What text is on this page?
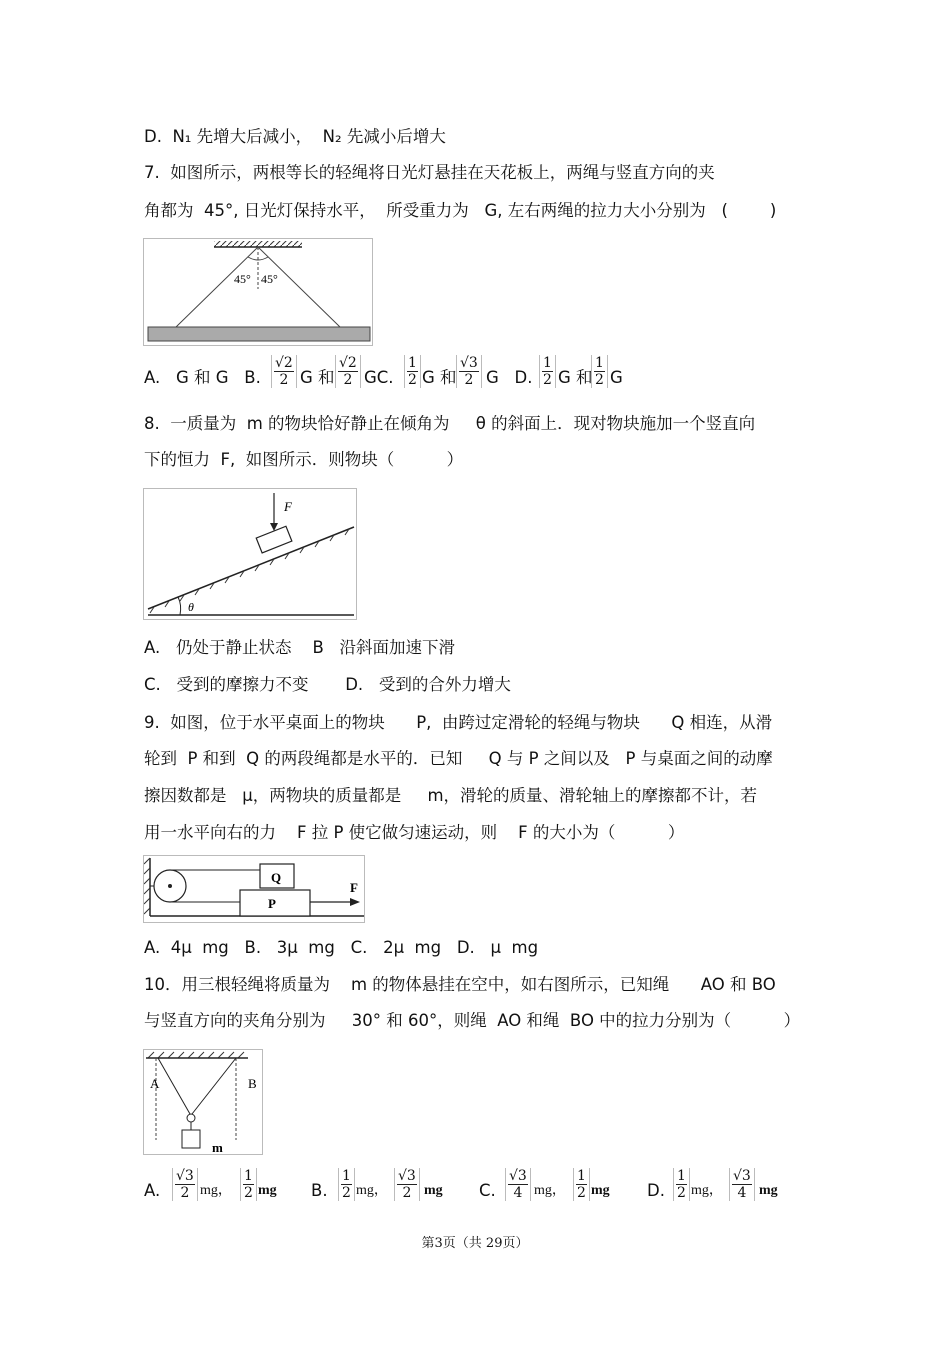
D.  N₁ 先增大后减小，  N₂ 先减小后增大
7.  如图所示，两根等长的轻绳将日光灯悬挂在天花板上，两绳与竖直方向的夹
角都为  45°, 日光灯保持水平，  所受重力为   G, 左右两绳的拉力大小分别为   (        )
45° 45°
A.   G 和 G   B. $\frac{√2}{2}$ G 和 $\frac{√2}{2}$ GC. $\frac{1}{2}$ G 和 $\frac{√3}{2}$ G   D. $\frac{1}{2}$ G 和
$\frac{1}{2}$ G
8.  一质量为  m 的物块恰好静止在倾角为     θ 的斜面上．现对物块施加一个竖直向
下的恒力  F,  如图所示．则物块（          ）
F
θ
A.   仍处于静止状态    B   沿斜面加速下滑
C.   受到的摩擦力不变       D.   受到的合外力增大
9.  如图，位于水平桌面上的物块      P,  由跨过定滑轮的轻绳与物块      Q 相连，从滑
轮到  P 和到  Q 的两段绳都是水平的．已知     Q 与 P 之间以及   P 与桌面之间的动摩
擦因数都是   μ，两物块的质量都是     m，滑轮的质量、滑轮轴上的摩擦都不计，若
用一水平向右的力    F 拉 P 使它做匀速运动，则    F 的大小为（          ）
Q
P
F
A.  4μ  mg   B.   3μ  mg   C.   2μ  mg   D.   μ  mg
10．用三根轻绳将质量为    m 的物体悬挂在空中，如右图所示，已知绳      AO 和 BO
与竖直方向的夹角分别为     30° 和 60°，则绳  AO 和绳  BO 中的拉力分别为（          ）
A	B
O
m
A. $\frac{√3}{2}$ mg， $\frac{1}{2}$ mg B. $\frac{1}{2}$ mg， $\frac{√3}{2}$ mg C. $\frac{√3}{4}$ mg， $\frac{1}{2}$ mg D. $\frac{1}{2}$ mg， $\frac{√3}{4}$ mg
第3页（共 29页）
